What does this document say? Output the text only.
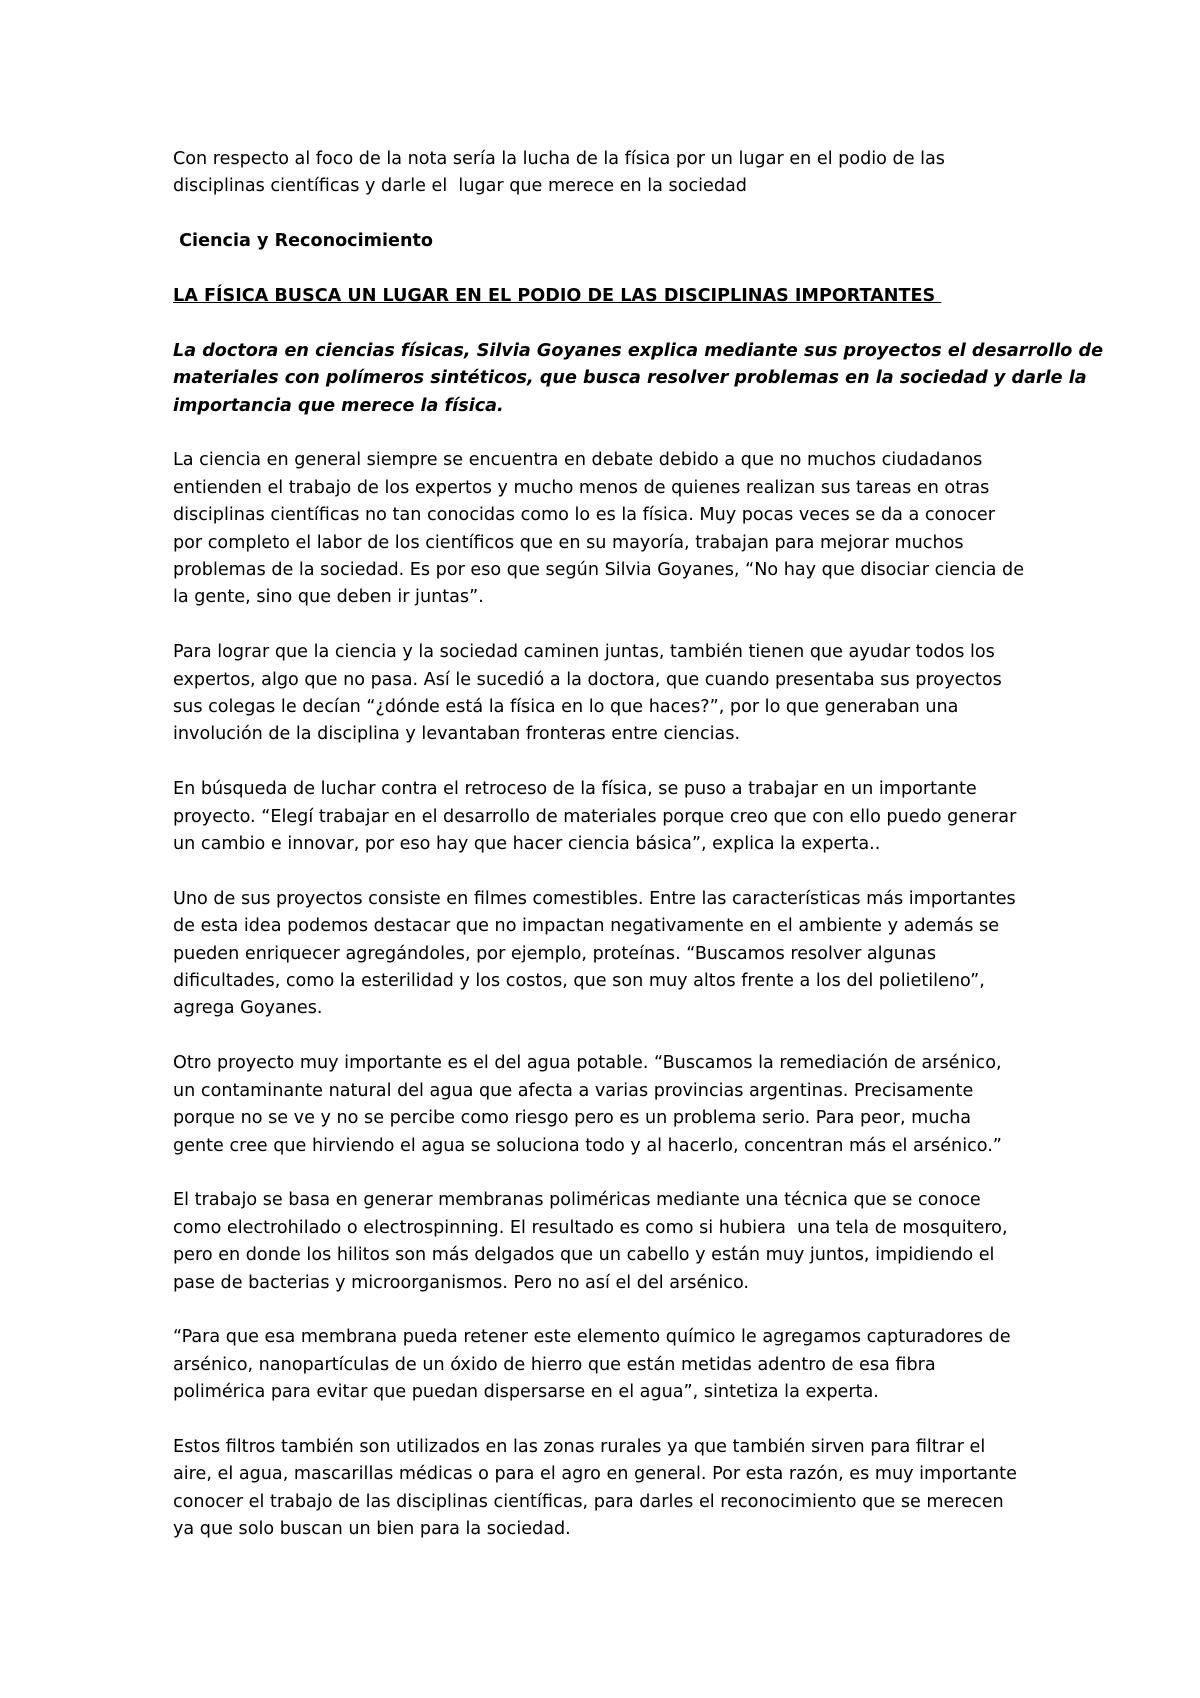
Con respecto al foco de la nota sería la lucha de la física por un lugar en el podio de las
disciplinas científicas y darle el  lugar que merece en la sociedad

Ciencia y Reconocimiento

LA FÍSICA BUSCA UN LUGAR EN EL PODIO DE LAS DISCIPLINAS IMPORTANTES

La doctora en ciencias físicas, Silvia Goyanes explica mediante sus proyectos el desarrollo de
materiales con polímeros sintéticos, que busca resolver problemas en la sociedad y darle la
importancia que merece la física.

La ciencia en general siempre se encuentra en debate debido a que no muchos ciudadanos
entienden el trabajo de los expertos y mucho menos de quienes realizan sus tareas en otras
disciplinas científicas no tan conocidas como lo es la física. Muy pocas veces se da a conocer
por completo el labor de los científicos que en su mayoría, trabajan para mejorar muchos
problemas de la sociedad. Es por eso que según Silvia Goyanes, “No hay que disociar ciencia de
la gente, sino que deben ir juntas”.

Para lograr que la ciencia y la sociedad caminen juntas, también tienen que ayudar todos los
expertos, algo que no pasa. Así le sucedió a la doctora, que cuando presentaba sus proyectos
sus colegas le decían “¿dónde está la física en lo que haces?”, por lo que generaban una
involución de la disciplina y levantaban fronteras entre ciencias.

En búsqueda de luchar contra el retroceso de la física, se puso a trabajar en un importante
proyecto. “Elegí trabajar en el desarrollo de materiales porque creo que con ello puedo generar
un cambio e innovar, por eso hay que hacer ciencia básica”, explica la experta..

Uno de sus proyectos consiste en filmes comestibles. Entre las características más importantes
de esta idea podemos destacar que no impactan negativamente en el ambiente y además se
pueden enriquecer agregándoles, por ejemplo, proteínas. “Buscamos resolver algunas
dificultades, como la esterilidad y los costos, que son muy altos frente a los del polietileno”,
agrega Goyanes.

Otro proyecto muy importante es el del agua potable. “Buscamos la remediación de arsénico,
un contaminante natural del agua que afecta a varias provincias argentinas. Precisamente
porque no se ve y no se percibe como riesgo pero es un problema serio. Para peor, mucha
gente cree que hirviendo el agua se soluciona todo y al hacerlo, concentran más el arsénico.”

El trabajo se basa en generar membranas poliméricas mediante una técnica que se conoce
como electrohilado o electrospinning. El resultado es como si hubiera  una tela de mosquitero,
pero en donde los hilitos son más delgados que un cabello y están muy juntos, impidiendo el
pase de bacterias y microorganismos. Pero no así el del arsénico.

“Para que esa membrana pueda retener este elemento químico le agregamos capturadores de
arsénico, nanopartículas de un óxido de hierro que están metidas adentro de esa fibra
polimérica para evitar que puedan dispersarse en el agua”, sintetiza la experta.

Estos filtros también son utilizados en las zonas rurales ya que también sirven para filtrar el
aire, el agua, mascarillas médicas o para el agro en general. Por esta razón, es muy importante
conocer el trabajo de las disciplinas científicas, para darles el reconocimiento que se merecen
ya que solo buscan un bien para la sociedad.
